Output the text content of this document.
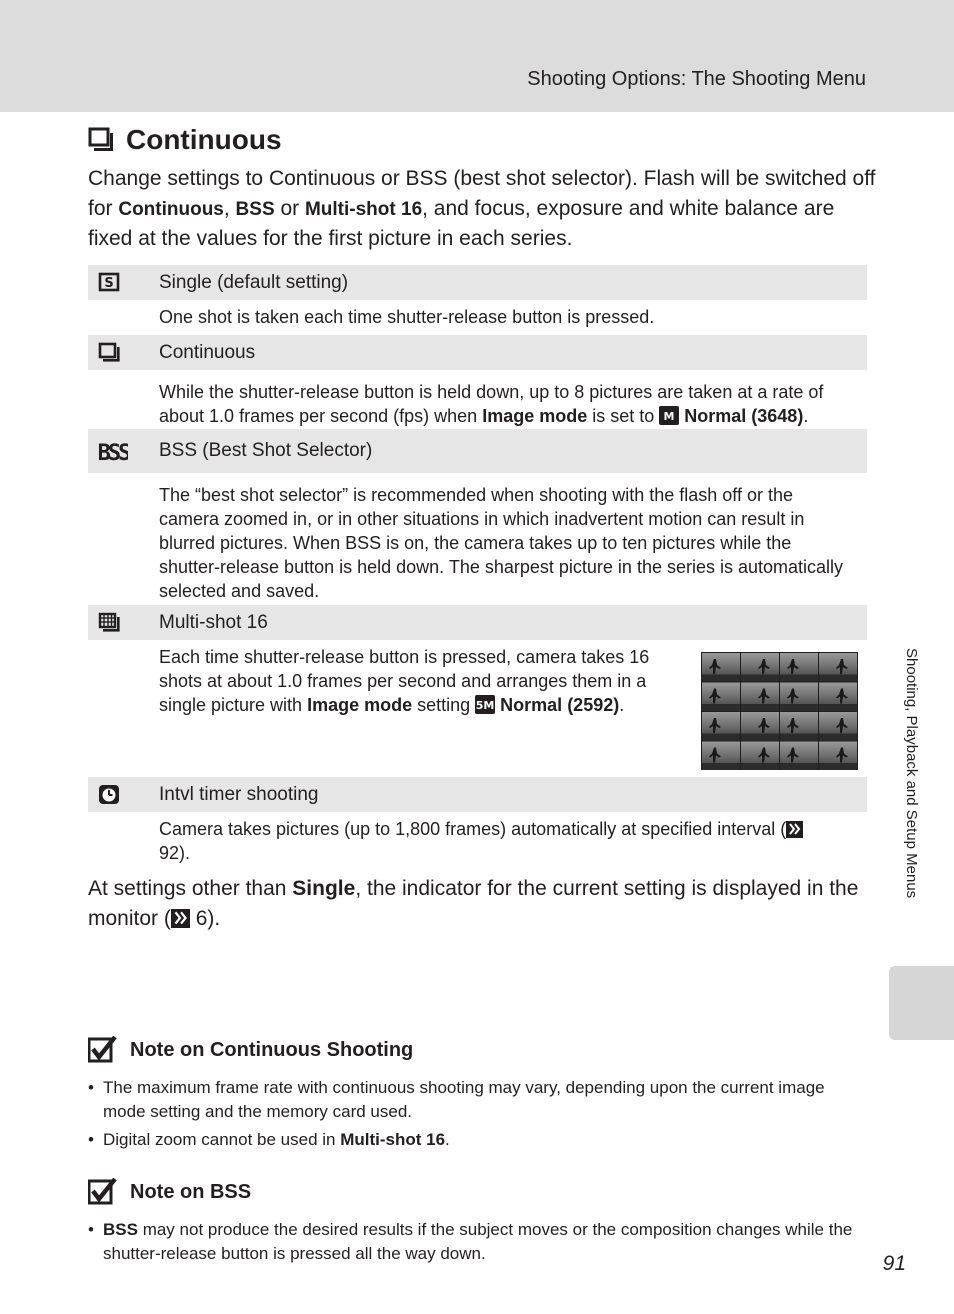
Shooting Options: The Shooting Menu
Continuous
Change settings to Continuous or BSS (best shot selector). Flash will be switched off for Continuous, BSS or Multi-shot 16, and focus, exposure and white balance are fixed at the values for the first picture in each series.
S Single (default setting)
One shot is taken each time shutter-release button is pressed.
Continuous
While the shutter-release button is held down, up to 8 pictures are taken at a rate of about 1.0 frames per second (fps) when Image mode is set to M Normal (3648).
BSS BSS (Best Shot Selector)
The “best shot selector” is recommended when shooting with the flash off or the camera zoomed in, or in other situations in which inadvertent motion can result in blurred pictures. When BSS is on, the camera takes up to ten pictures while the shutter-release button is held down. The sharpest picture in the series is automatically selected and saved.
Multi-shot 16
Each time shutter-release button is pressed, camera takes 16 shots at about 1.0 frames per second and arranges them in a single picture with Image mode setting 5M Normal (2592).
Intvl timer shooting
Camera takes pictures (up to 1,800 frames) automatically at specified interval ( 92).
At settings other than Single, the indicator for the current setting is displayed in the monitor ( 6).
Note on Continuous Shooting
• The maximum frame rate with continuous shooting may vary, depending upon the current image mode setting and the memory card used.
• Digital zoom cannot be used in Multi-shot 16.
Note on BSS
• BSS may not produce the desired results if the subject moves or the composition changes while the shutter-release button is pressed all the way down.
Shooting, Playback and Setup Menus
91
